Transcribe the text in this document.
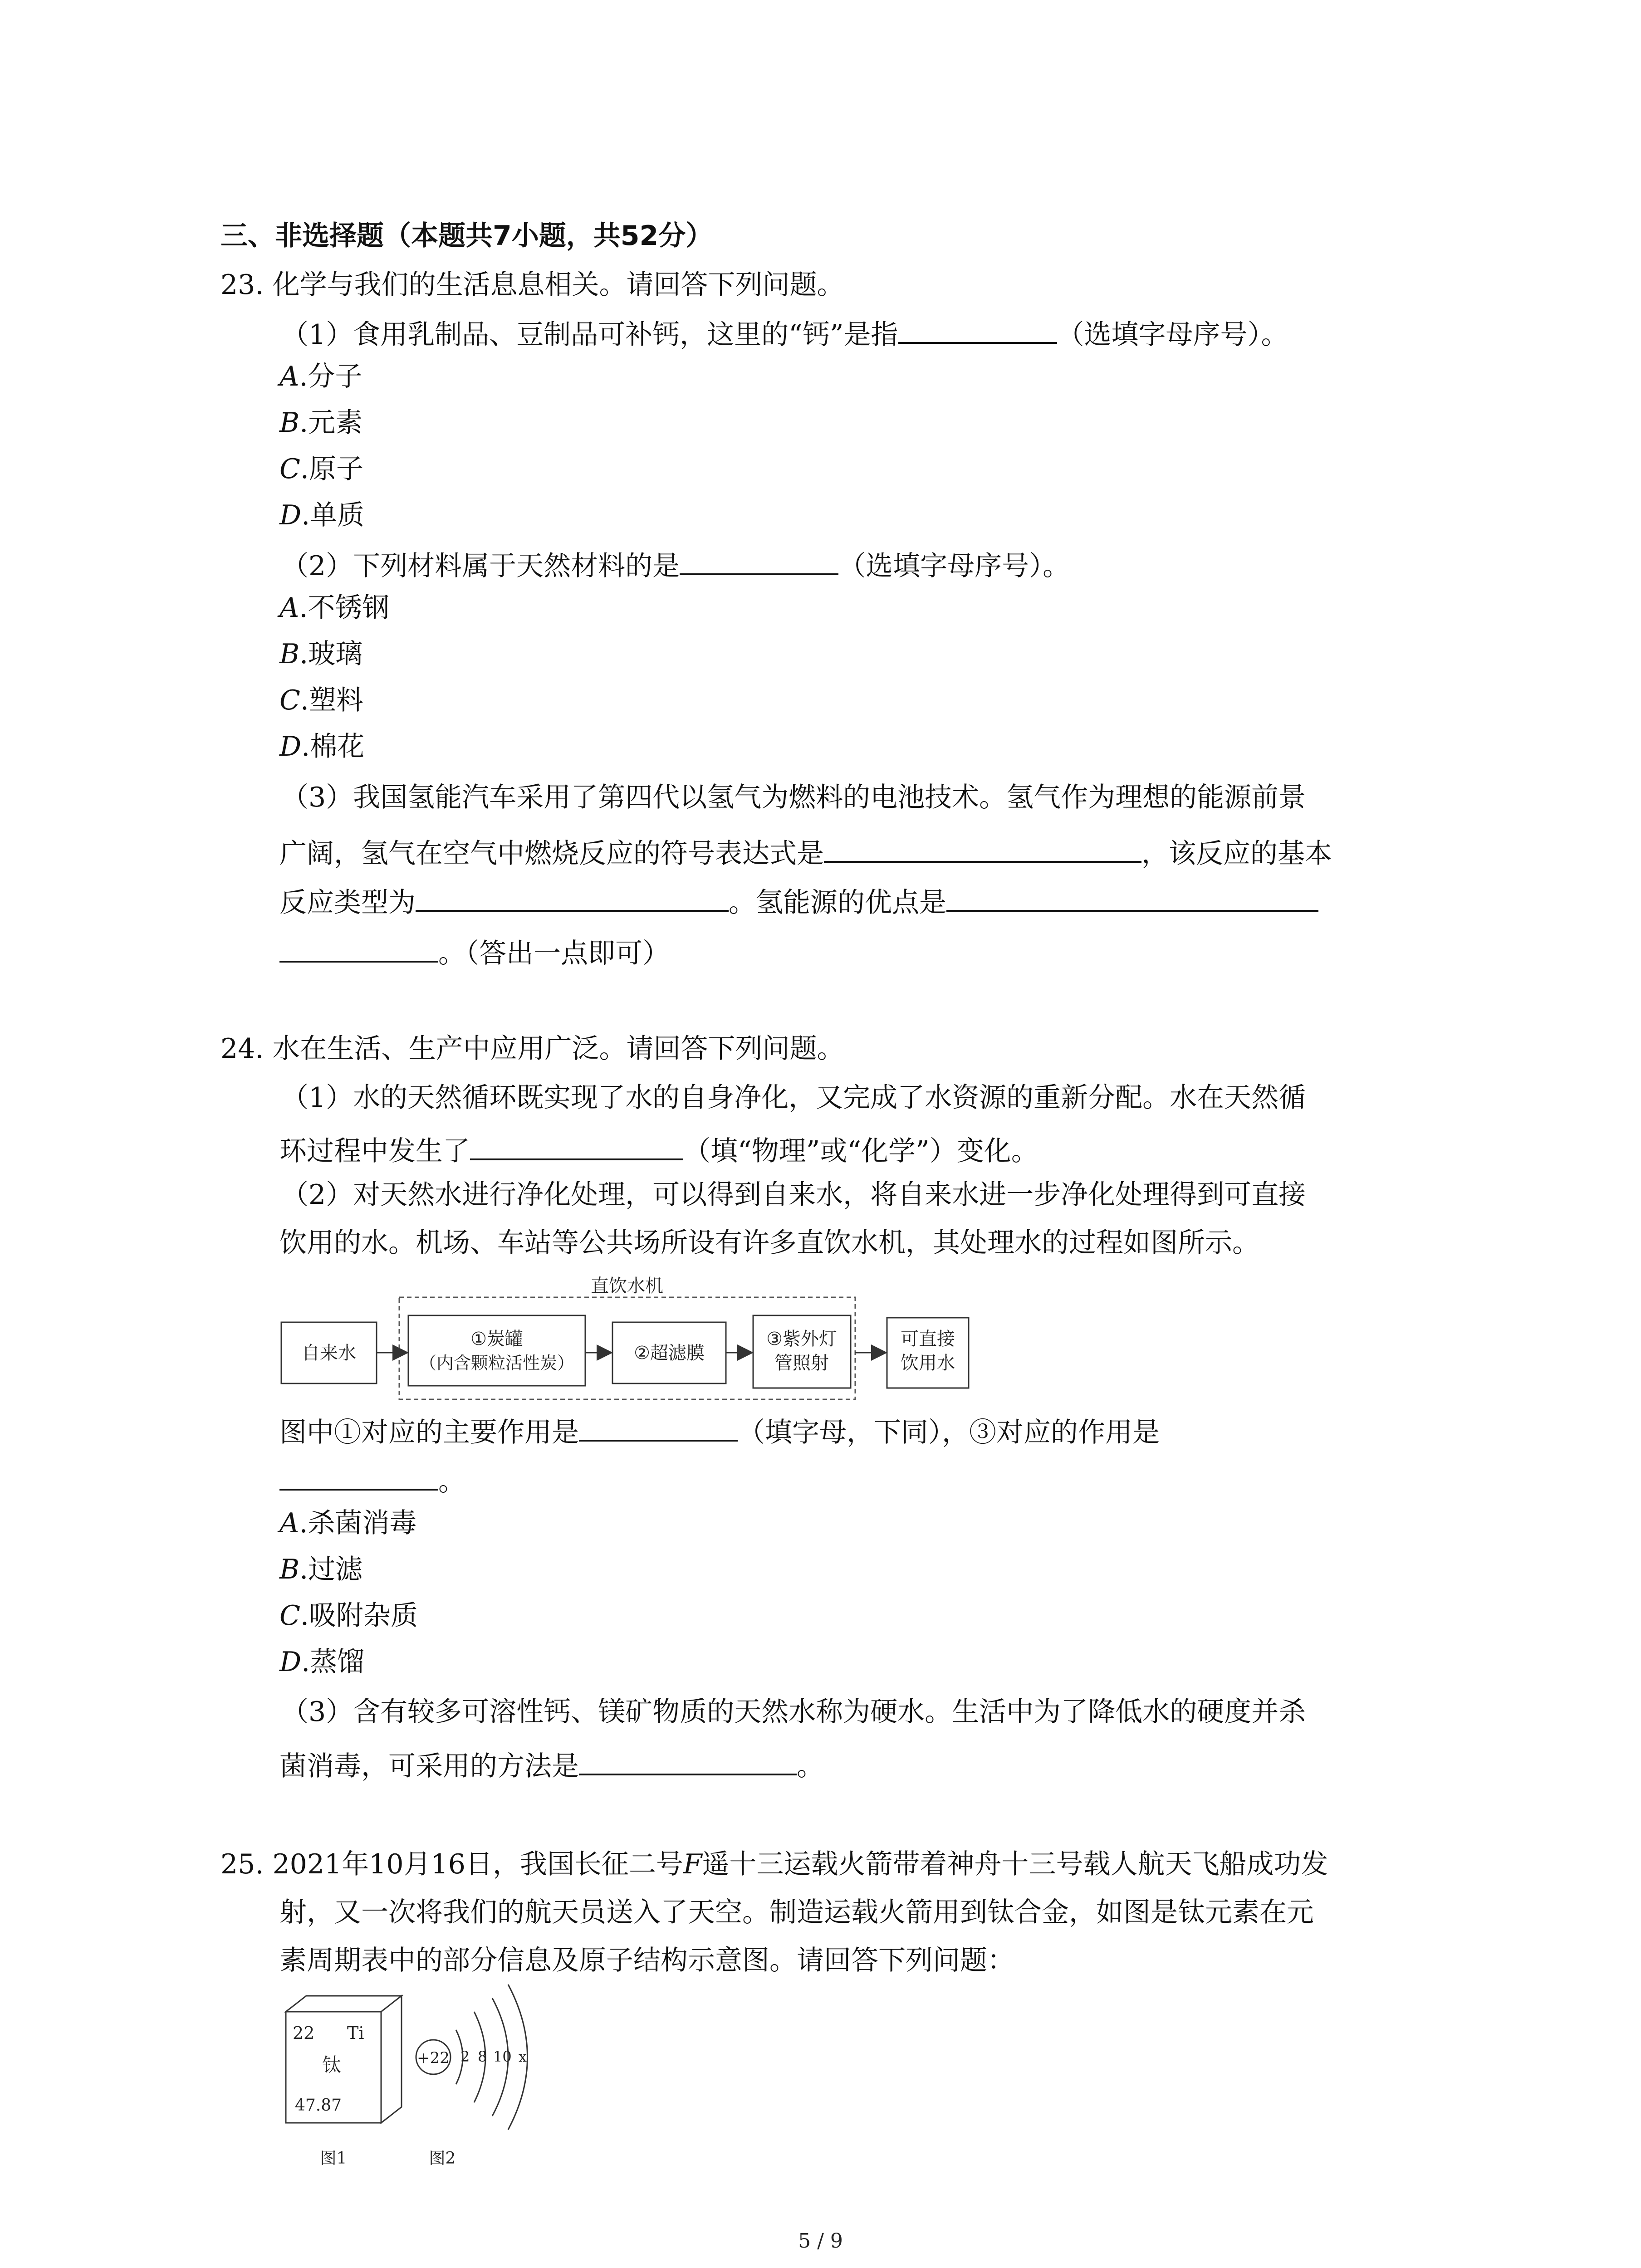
三、非选择题（本题共7小题，共52分）
23. 化学与我们的生活息息相关。请回答下列问题。
（1）食用乳制品、豆制品可补钙，这里的“钙”是指	（选填字母序号）。
A.分子
B.元素
C.原子
D.单质
（2）下列材料属于天然材料的是	（选填字母序号）。
A.不锈钢
B.玻璃
C.塑料
D.棉花
（3）我国氢能汽车采用了第四代以氢气为燃料的电池技术。氢气作为理想的能源前景
广阔，氢气在空气中燃烧反应的符号表达式是	，该反应的基本
反应类型为	。氢能源的优点是
。（答出一点即可）
24. 水在生活、生产中应用广泛。请回答下列问题。
（1）水的天然循环既实现了水的自身净化，又完成了水资源的重新分配。水在天然循
环过程中发生了	（填“物理”或“化学”）变化。
（2）对天然水进行净化处理，可以得到自来水，将自来水进一步净化处理得到可直接
饮用的水。机场、车站等公共场所设有许多直饮水机，其处理水的过程如图所示。
直饮水机
自来水
①炭罐
（内含颗粒活性炭）	②超滤膜
③紫外灯
管照射
可直接
饮用水
图中①对应的主要作用是	（填字母，下同），③对应的作用是
。
A.杀菌消毒
B.过滤
C.吸附杂质
D.蒸馏
（3）含有较多可溶性钙、镁矿物质的天然水称为硬水。生活中为了降低水的硬度并杀
菌消毒，可采用的方法是	。
25. 2021年10月16日，我国长征二号F遥十三运载火箭带着神舟十三号载人航天飞船成功发
射，又一次将我们的航天员送入了天空。制造运载火箭用到钛合金，如图是钛元素在元
素周期表中的部分信息及原子结构示意图。请回答下列问题：
22 Ti
钛
47.87
图1
+22 2 8 10 x
图2
5 / 9
